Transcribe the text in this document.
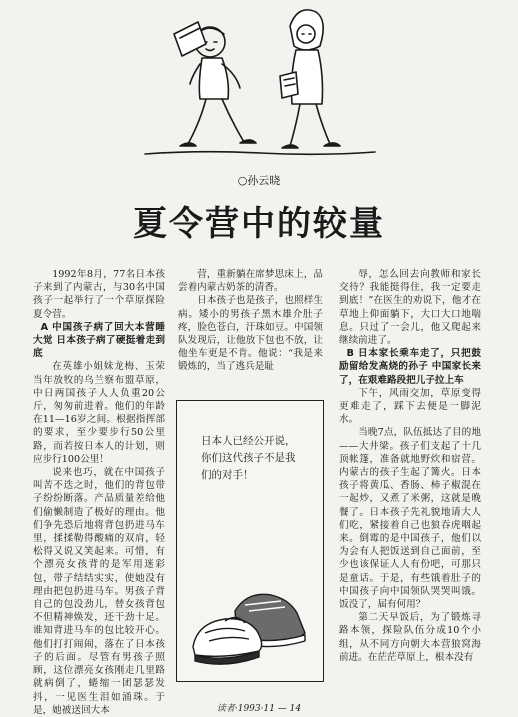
○孙云晓
夏令营中的较量

1992年8月，77名日本孩子来到了内蒙古，与30名中国孩子一起举行了一个草原探险夏令营。

A 中国孩子病了回大本营睡大觉 日本孩子病了硬挺着走到底

在英雄小姐妹龙梅、玉荣当年放牧的乌兰察布盟草原，中日两国孩子人人负重20公斤，匆匆前进着。他们的年龄在11—16岁之间。根据指挥部的要求，至少要步行50公里路，而若按日本人的计划，则应步行100公里！

说来也巧，就在中国孩子叫苦不迭之时，他们的背包带子纷纷断落。产品质量差给他们偷懒制造了极好的理由。他们争先恐后地将背包扔进马车里，揉揉勒得酸痛的双肩，轻松得又说又笑起来。可惜，有个漂亮女孩背的是军用迷彩包，带子结结实实，使她没有理由把包扔进马车。男孩子背自己的包没劲儿，替女孩背包不但精神焕发，还干劲十足。谁知背进马车的包比较开心。他们打打闹闹，落在了日本孩子的后面。尽管有男孩子照顾，这位漂亮女孩刚走几里路就病倒了，蜷缩一团瑟瑟发抖，一见医生泪如涌珠。于是，她被送回大本

营，重新躺在席梦思床上，品尝着内蒙古奶茶的清香。

日本孩子也是孩子，也照样生病。矮小的男孩子黑木雄介肚子疼，脸色苍白，汗珠如豆。中国领队发现后，让他放下包也不放，让他坐车更是不肯。他说：“我是来锻炼的，当了逃兵是耻

日本人已经公开说，你们这代孩子不是我们的对手！

辱，怎么回去向教师和家长交待？我能挺得住，我一定要走到底！”在医生的劝说下，他才在草地上仰面躺下，大口大口地喘息。只过了一会儿，他又爬起来继续前进了。

B 日本家长乘车走了，只把鼓励留给发高烧的孙子 中国家长来了，在艰难路段把儿子拉上车

下午，风雨交加，草原变得更难走了，踩下去便是一脚泥水。

当晚7点，队伍抵达了目的地——大井梁。孩子们支起了十几顶帐篷，准备就地野炊和宿营。内蒙古的孩子生起了篝火。日本孩子将黄瓜、香肠、柿子椒混在一起炒，又煮了米粥，这就是晚餐了。日本孩子先礼貌地请大人们吃，紧接着自己也狼吞虎咽起来。倒霉的是中国孩子，他们以为会有人把饭送到自己面前，至少也该保证人人有份吧，可那只是童话。于是，有些饿着肚子的中国孩子向中国领队哭哭叫饿。饭没了，届有何用？

第二天早饭后，为了锻炼寻路本领，探险队伍分成10个小组，从不同方向朝大本营狼窝海前进。在茫茫草原上，根本没有

读者·1993·11 — 14
